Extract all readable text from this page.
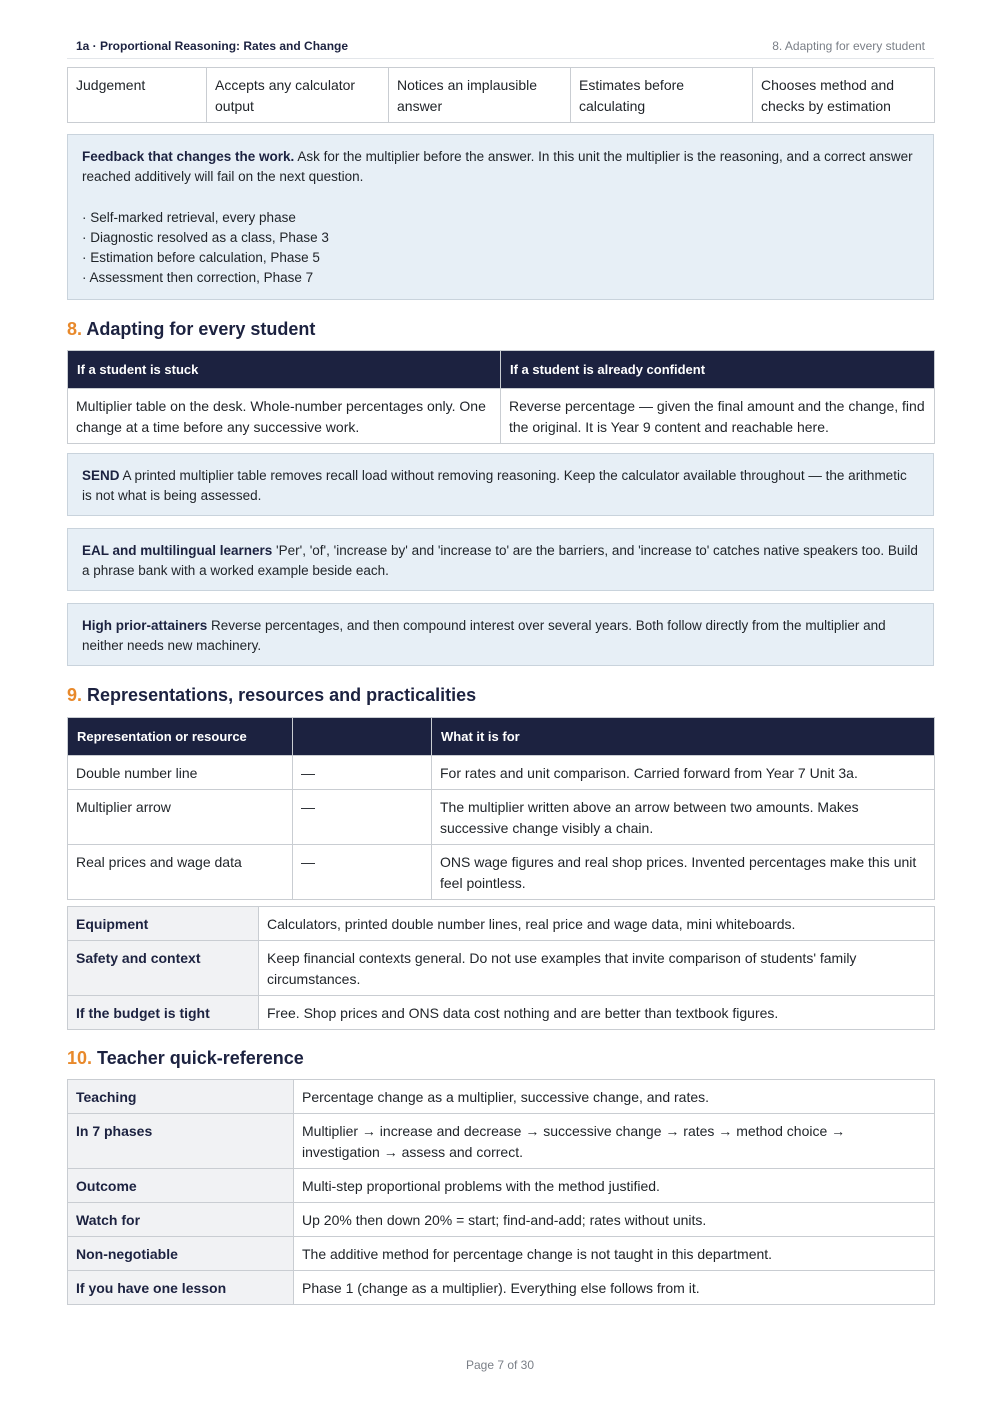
1a · Proportional Reasoning: Rates and Change	8. Adapting for every student
Judgement	Accepts any calculator output	Notices an implausible answer	Estimates before calculating	Chooses method and checks by estimation
Feedback that changes the work. Ask for the multiplier before the answer. In this unit the multiplier is the reasoning, and a correct answer reached additively will fail on the next question.
· Self-marked retrieval, every phase
· Diagnostic resolved as a class, Phase 3
· Estimation before calculation, Phase 5
· Assessment then correction, Phase 7
8. Adapting for every student
If a student is stuck	If a student is already confident
Multiplier table on the desk. Whole-number percentages only. One change at a time before any successive work.	Reverse percentage — given the final amount and the change, find the original. It is Year 9 content and reachable here.
SEND A printed multiplier table removes recall load without removing reasoning. Keep the calculator available throughout — the arithmetic is not what is being assessed.
EAL and multilingual learners 'Per', 'of', 'increase by' and 'increase to' are the barriers, and 'increase to' catches native speakers too. Build a phrase bank with a worked example beside each.
High prior-attainers Reverse percentages, and then compound interest over several years. Both follow directly from the multiplier and neither needs new machinery.
9. Representations, resources and practicalities
Representation or resource		What it is for
Double number line	—	For rates and unit comparison. Carried forward from Year 7 Unit 3a.
Multiplier arrow	—	The multiplier written above an arrow between two amounts. Makes successive change visibly a chain.
Real prices and wage data	—	ONS wage figures and real shop prices. Invented percentages make this unit feel pointless.
Equipment	Calculators, printed double number lines, real price and wage data, mini whiteboards.
Safety and context	Keep financial contexts general. Do not use examples that invite comparison of students' family circumstances.
If the budget is tight	Free. Shop prices and ONS data cost nothing and are better than textbook figures.
10. Teacher quick-reference
Teaching	Percentage change as a multiplier, successive change, and rates.
In 7 phases	Multiplier → increase and decrease → successive change → rates → method choice → investigation → assess and correct.
Outcome	Multi-step proportional problems with the method justified.
Watch for	Up 20% then down 20% = start; find-and-add; rates without units.
Non-negotiable	The additive method for percentage change is not taught in this department.
If you have one lesson	Phase 1 (change as a multiplier). Everything else follows from it.
Page 7 of 30
